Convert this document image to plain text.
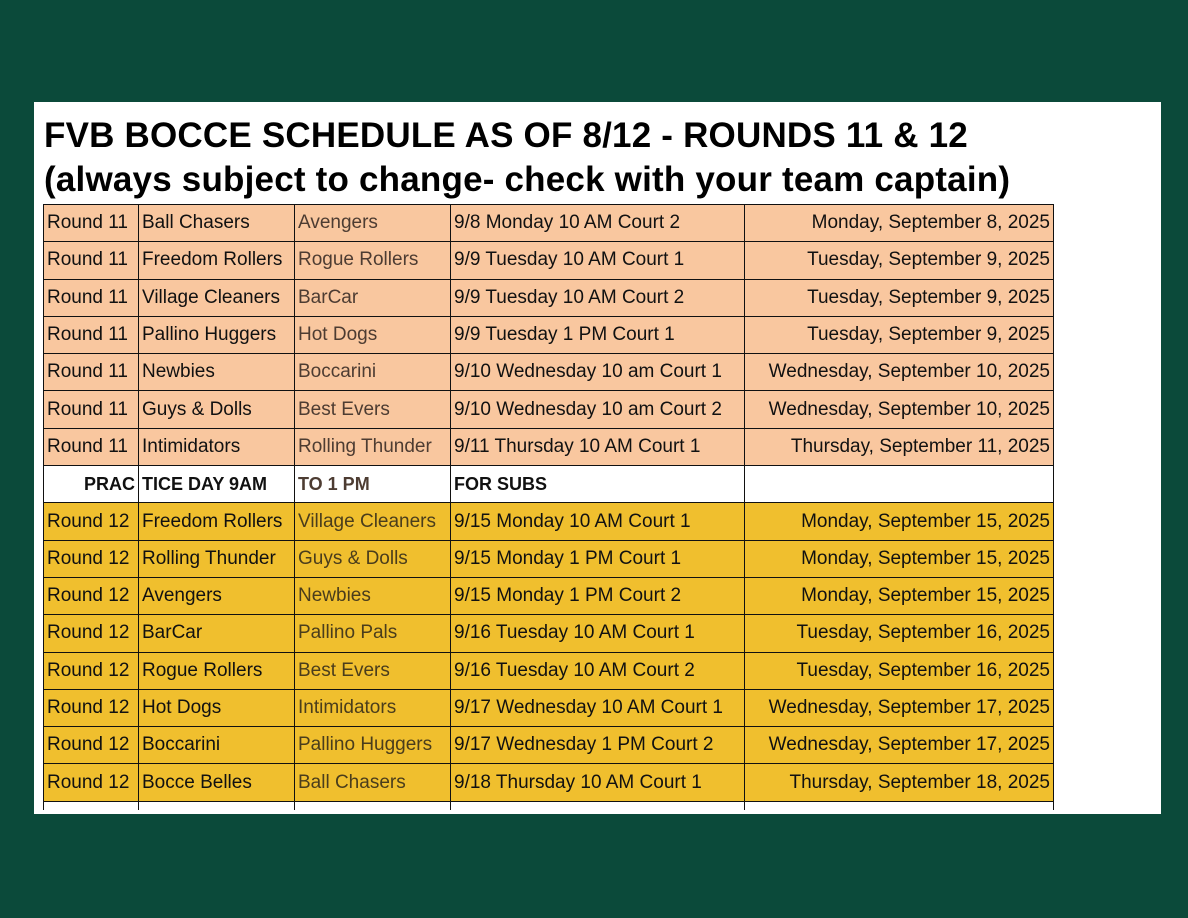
FVB BOCCE SCHEDULE AS OF 8/12 - ROUNDS 11 & 12
(always subject to change- check with your team captain)
Round 11	Ball Chasers	Avengers	9/8 Monday 10 AM Court 2	Monday, September 8, 2025
Round 11	Freedom Rollers	Rogue Rollers	9/9 Tuesday 10 AM Court 1	Tuesday, September 9, 2025
Round 11	Village Cleaners	BarCar	9/9 Tuesday 10 AM Court 2	Tuesday, September 9, 2025
Round 11	Pallino Huggers	Hot Dogs	9/9 Tuesday 1 PM Court 1	Tuesday, September 9, 2025
Round 11	Newbies	Boccarini	9/10 Wednesday 10 am Court 1	Wednesday, September 10, 2025
Round 11	Guys & Dolls	Best Evers	9/10 Wednesday 10 am Court 2	Wednesday, September 10, 2025
Round 11	Intimidators	Rolling Thunder	9/11 Thursday 10 AM Court 1	Thursday, September 11, 2025
PRAC	TICE DAY 9AM	TO 1 PM	FOR SUBS	
Round 12	Freedom Rollers	Village Cleaners	9/15 Monday 10 AM Court 1	Monday, September 15, 2025
Round 12	Rolling Thunder	Guys & Dolls	9/15 Monday 1 PM Court 1	Monday, September 15, 2025
Round 12	Avengers	Newbies	9/15 Monday 1 PM Court 2	Monday, September 15, 2025
Round 12	BarCar	Pallino Pals	9/16 Tuesday 10 AM Court 1	Tuesday, September 16, 2025
Round 12	Rogue Rollers	Best Evers	9/16 Tuesday 10 AM Court 2	Tuesday, September 16, 2025
Round 12	Hot Dogs	Intimidators	9/17 Wednesday 10 AM Court 1	Wednesday, September 17, 2025
Round 12	Boccarini	Pallino Huggers	9/17 Wednesday 1 PM Court 2	Wednesday, September 17, 2025
Round 12	Bocce Belles	Ball Chasers	9/18 Thursday 10 AM Court 1	Thursday, September 18, 2025
